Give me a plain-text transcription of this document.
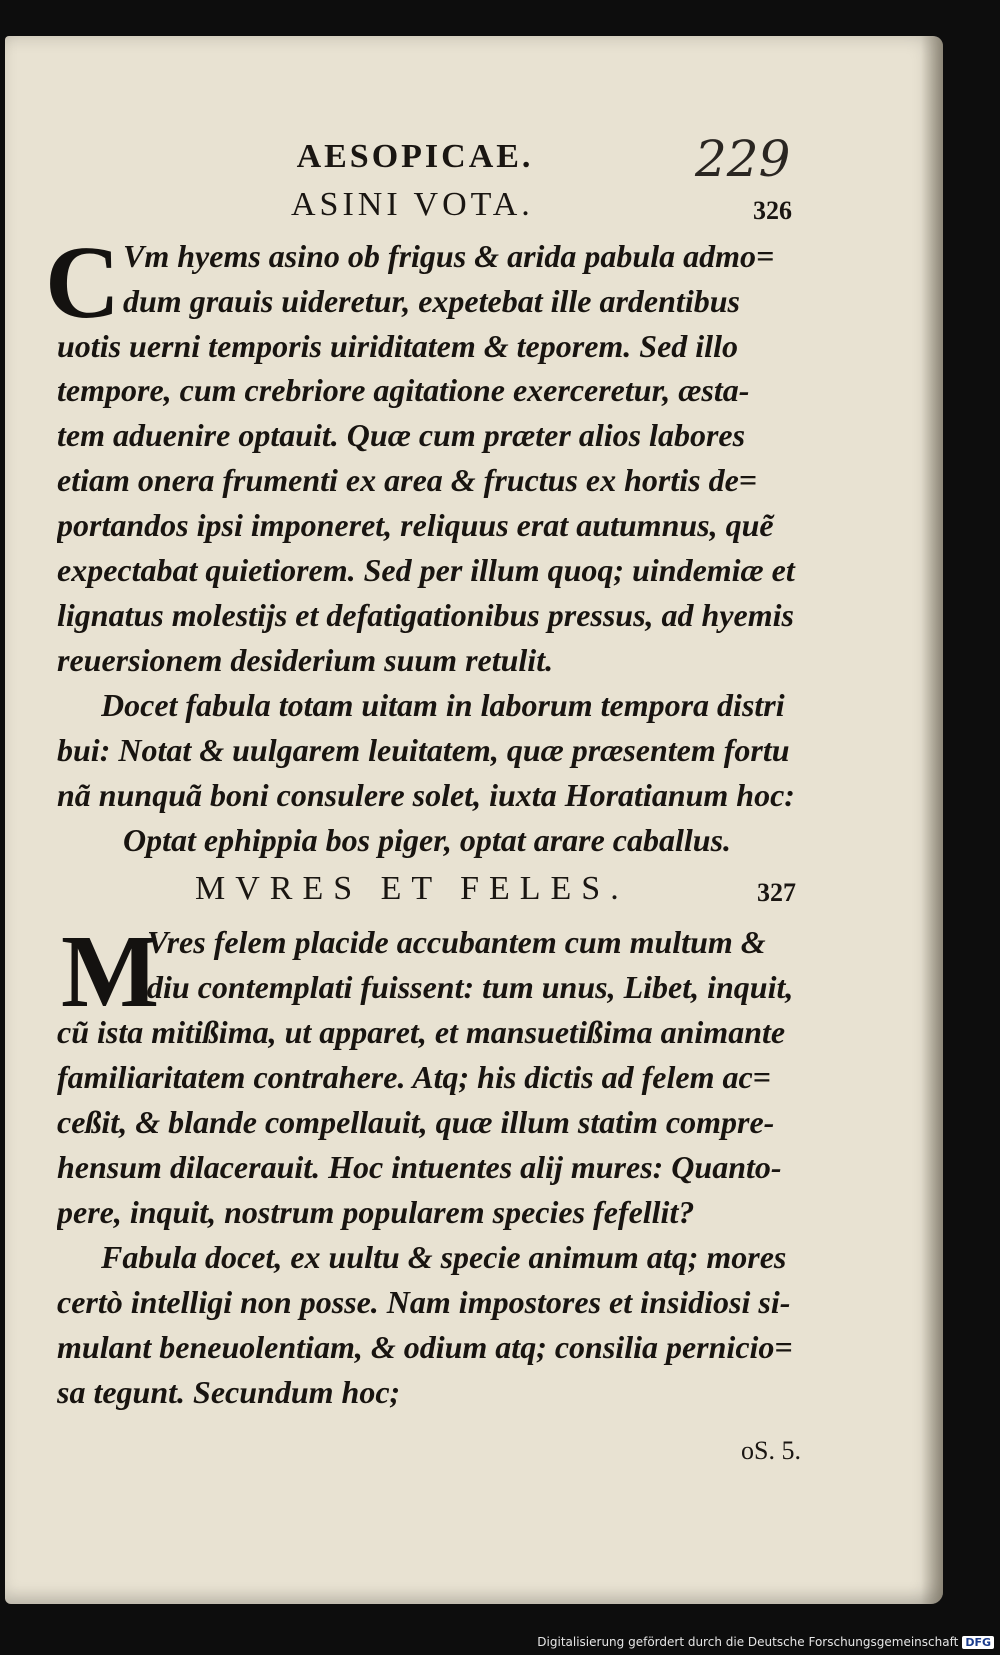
AESOPICAE.	229
ASINI VOTA.	326
C Vm hyems asino ob frigus & arida pabula admo=
dum grauis uideretur, expetebat ille ardentibus
uotis uerni temporis uiriditatem & teporem. Sed illo
tempore, cum crebriore agitatione exerceretur, æsta-
tem aduenire optauit. Quæ cum præter alios labores
etiam onera frumenti ex area & fructus ex hortis de=
portandos ipsi imponeret, reliquus erat autumnus, quẽ
expectabat quietiorem. Sed per illum quoq; uindemiæ et
lignatus molestijs et defatigationibus pressus, ad hyemis
reuersionem desiderium suum retulit.
Docet fabula totam uitam in laborum tempora distri
bui: Notat & uulgarem leuitatem, quæ præsentem fortu
nã nunquã boni consulere solet, iuxta Horatianum hoc:
Optat ephippia bos piger, optat arare caballus.
MVRES ET FELES.	327
M
Vres felem placide accubantem cum multum &
diu contemplati fuissent: tum unus, Libet, inquit,
cũ ista mitißima, ut apparet, et mansuetißima animante
familiaritatem contrahere. Atq; his dictis ad felem ac=
ceßit, & blande compellauit, quæ illum statim compre-
hensum dilacerauit. Hoc intuentes alij mures: Quanto-
pere, inquit, nostrum popularem species fefellit?
Fabula docet, ex uultu & specie animum atq; mores
certò intelligi non posse. Nam impostores et insidiosi si-
mulant beneuolentiam, & odium atq; consilia pernicio=
sa tegunt. Secundum hoc;
oS. 5.
Digitalisierung gefördert durch die Deutsche Forschungsgemeinschaft DFG
